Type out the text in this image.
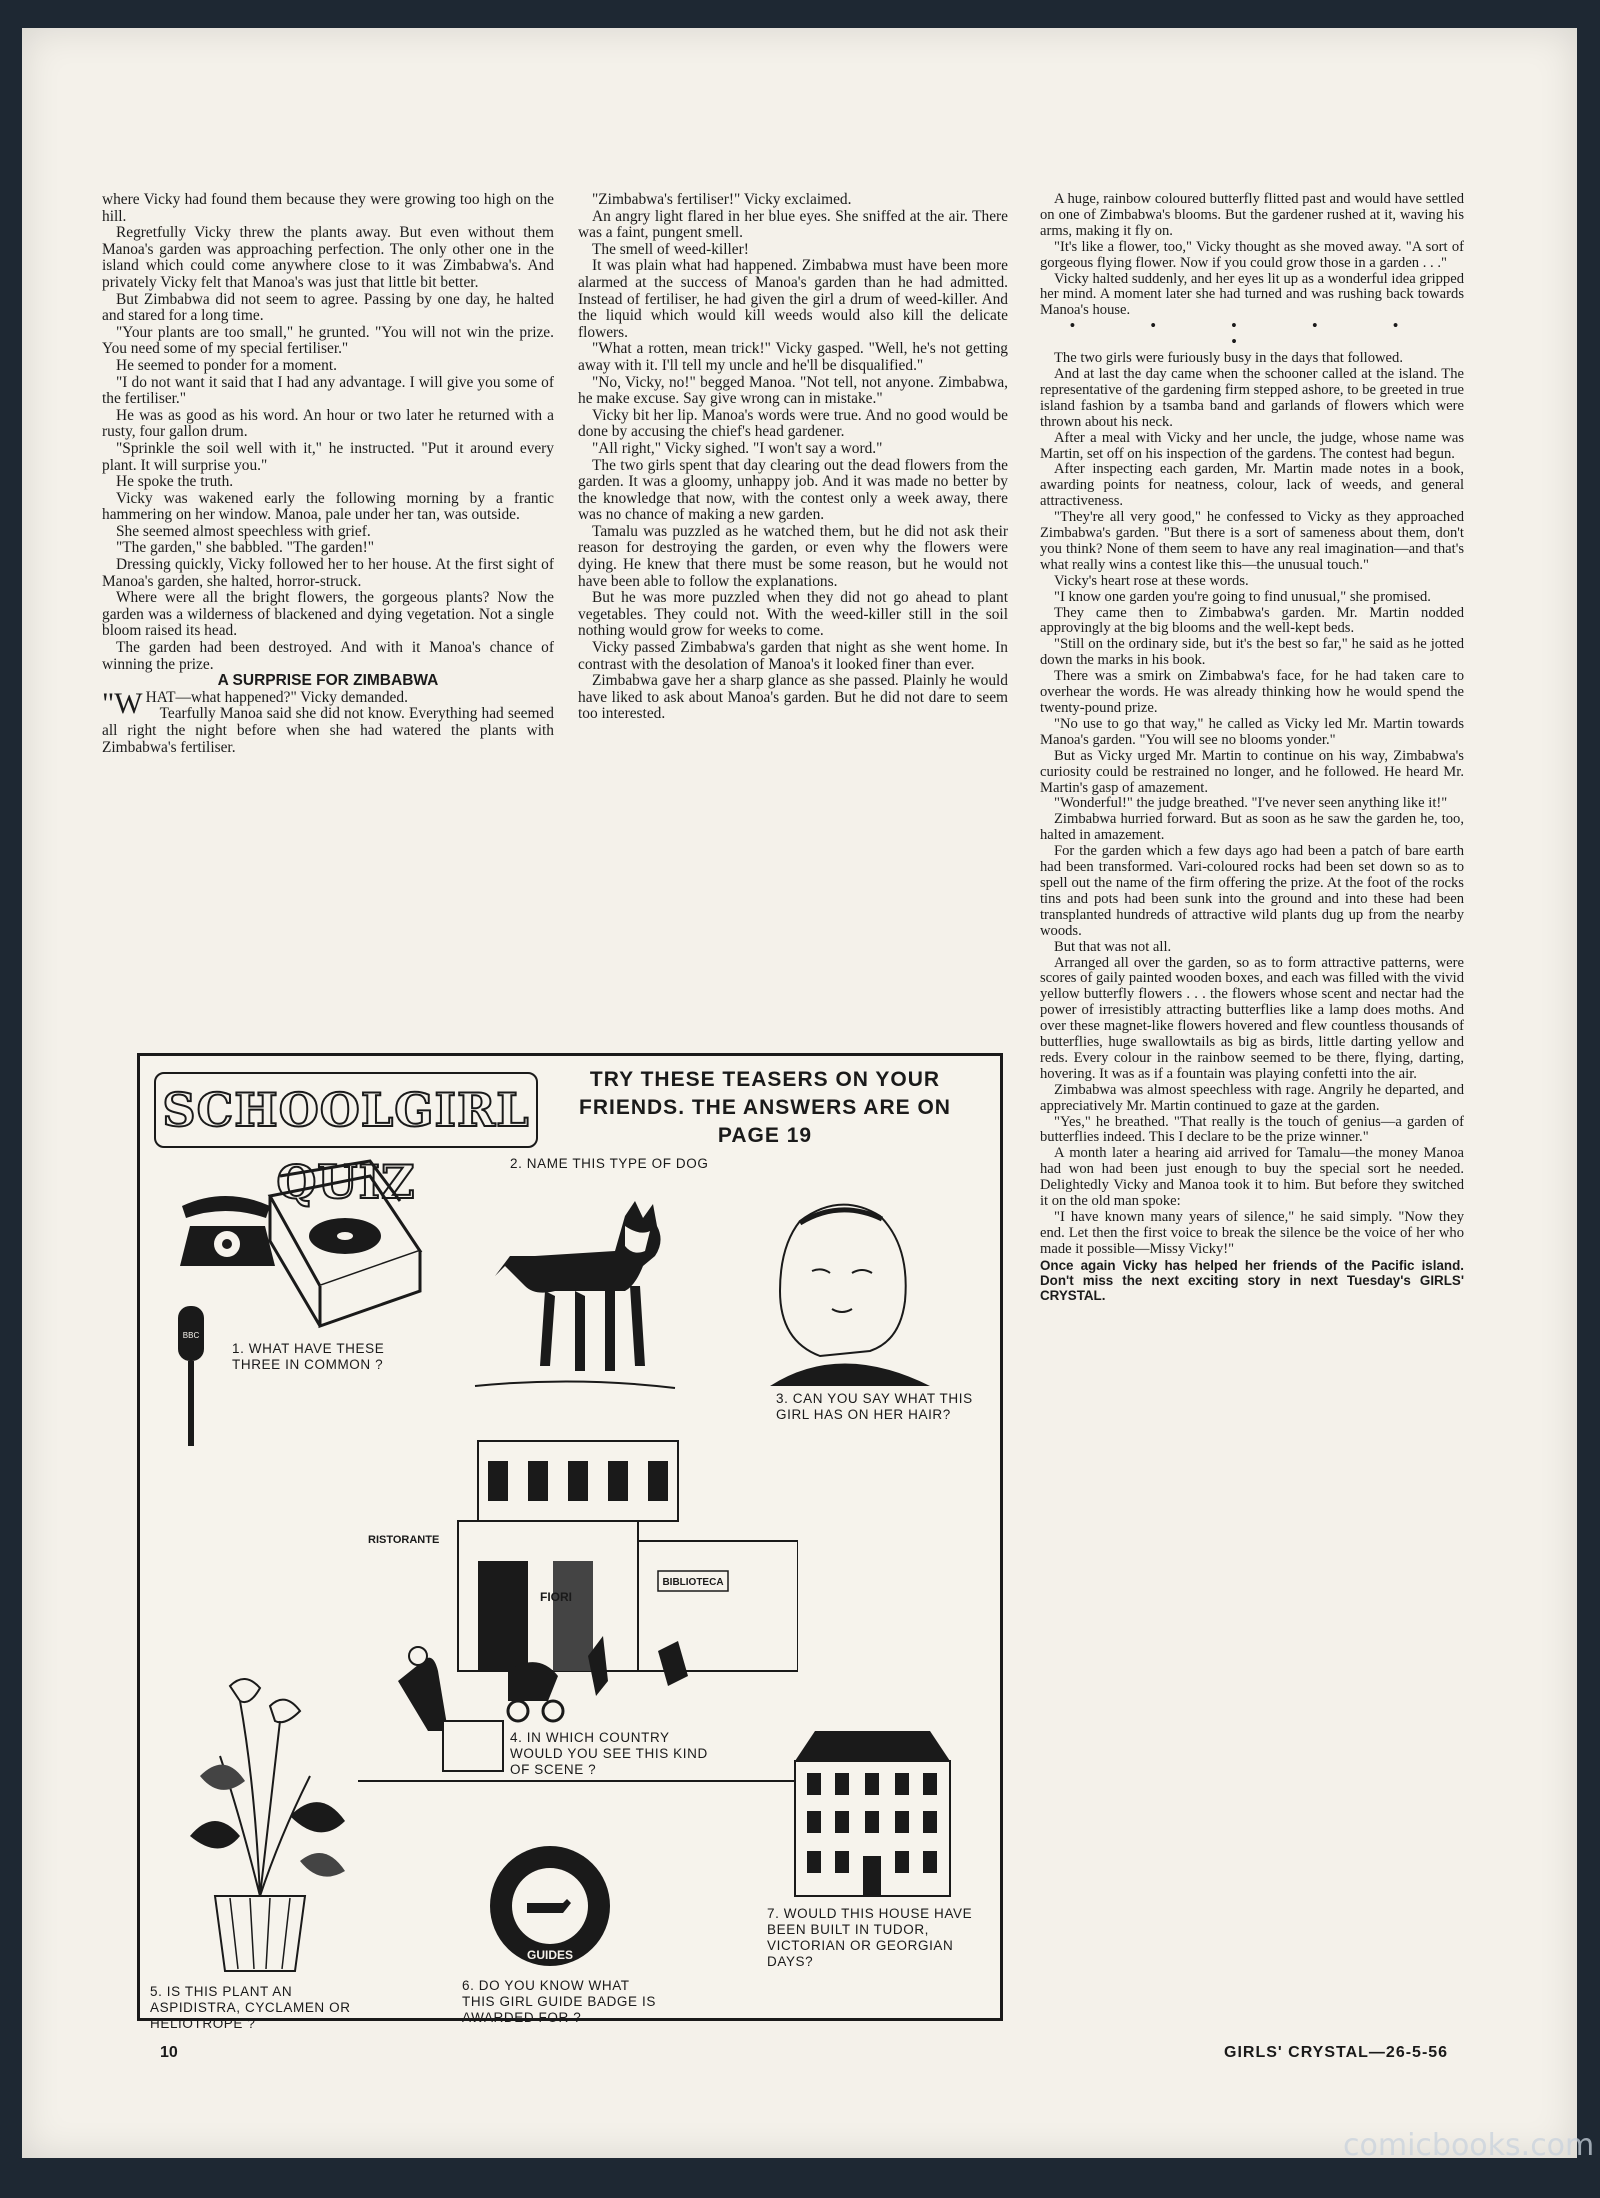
where Vicky had found them because they were growing too high on the hill.

Regretfully Vicky threw the plants away. But even without them Manoa's garden was approaching perfection. The only other one in the island which could come anywhere close to it was Zimbabwa's. And privately Vicky felt that Manoa's was just that little bit better.

But Zimbabwa did not seem to agree. Passing by one day, he halted and stared for a long time.

"Your plants are too small," he grunted. "You will not win the prize. You need some of my special fertiliser."

He seemed to ponder for a moment.

"I do not want it said that I had any advantage. I will give you some of the fertiliser."

He was as good as his word. An hour or two later he returned with a rusty, four gallon drum.

"Sprinkle the soil well with it," he instructed. "Put it around every plant. It will surprise you."

He spoke the truth.

Vicky was wakened early the following morning by a frantic hammering on her window. Manoa, pale under her tan, was outside.

She seemed almost speechless with grief.

"The garden," she babbled. "The garden!"

Dressing quickly, Vicky followed her to her house. At the first sight of Manoa's garden, she halted, horror-struck.

Where were all the bright flowers, the gorgeous plants? Now the garden was a wilderness of blackened and dying vegetation. Not a single bloom raised its head.

The garden had been destroyed. And with it Manoa's chance of winning the prize.

A SURPRISE FOR ZIMBABWA

"WHAT—what happened?" Vicky demanded.

Tearfully Manoa said she did not know. Everything had seemed all right the night before when she had watered the plants with Zimbabwa's fertiliser.

"Zimbabwa's fertiliser!" Vicky exclaimed.

An angry light flared in her blue eyes. She sniffed at the air. There was a faint, pungent smell.

The smell of weed-killer!

It was plain what had happened. Zimbabwa must have been more alarmed at the success of Manoa's garden than he had admitted. Instead of fertiliser, he had given the girl a drum of weed-killer. And the liquid which would kill weeds would also kill the delicate flowers.

"What a rotten, mean trick!" Vicky gasped. "Well, he's not getting away with it. I'll tell my uncle and he'll be disqualified."

"No, Vicky, no!" begged Manoa. "Not tell, not anyone. Zimbabwa, he make excuse. Say give wrong can in mistake."

Vicky bit her lip. Manoa's words were true. And no good would be done by accusing the chief's head gardener.

"All right," Vicky sighed. "I won't say a word."

The two girls spent that day clearing out the dead flowers from the garden. It was a gloomy, unhappy job. And it was made no better by the knowledge that now, with the contest only a week away, there was no chance of making a new garden.

Tamalu was puzzled as he watched them, but he did not ask their reason for destroying the garden, or even why the flowers were dying. He knew that there must be some reason, but he would not have been able to follow the explanations.

But he was more puzzled when they did not go ahead to plant vegetables. They could not. With the weed-killer still in the soil nothing would grow for weeks to come.

Vicky passed Zimbabwa's garden that night as she went home. In contrast with the desolation of Manoa's it looked finer than ever.

Zimbabwa gave her a sharp glance as she passed. Plainly he would have liked to ask about Manoa's garden. But he did not dare to seem too interested.

A huge, rainbow coloured butterfly flitted past and would have settled on one of Zimbabwa's blooms. But the gardener rushed at it, waving his arms, making it fly on.

"It's like a flower, too," Vicky thought as she moved away. "A sort of gorgeous flying flower. Now if you could grow those in a garden . . ."

Vicky halted suddenly, and her eyes lit up as a wonderful idea gripped her mind. A moment later she had turned and was rushing back towards Manoa's house.

• • • • • •

The two girls were furiously busy in the days that followed.

And at last the day came when the schooner called at the island. The representative of the gardening firm stepped ashore, to be greeted in true island fashion by a tsamba band and garlands of flowers which were thrown about his neck.

After a meal with Vicky and her uncle, the judge, whose name was Martin, set off on his inspection of the gardens. The contest had begun.

After inspecting each garden, Mr. Martin made notes in a book, awarding points for neatness, colour, lack of weeds, and general attractiveness.

"They're all very good," he confessed to Vicky as they approached Zimbabwa's garden. "But there is a sort of sameness about them, don't you think? None of them seem to have any real imagination—and that's what really wins a contest like this—the unusual touch."

Vicky's heart rose at these words.

"I know one garden you're going to find unusual," she promised.

They came then to Zimbabwa's garden. Mr. Martin nodded approvingly at the big blooms and the well-kept beds.

"Still on the ordinary side, but it's the best so far," he said as he jotted down the marks in his book.

There was a smirk on Zimbabwa's face, for he had taken care to overhear the words. He was already thinking how he would spend the twenty-pound prize.

"No use to go that way," he called as Vicky led Mr. Martin towards Manoa's garden. "You will see no blooms yonder."

But as Vicky urged Mr. Martin to continue on his way, Zimbabwa's curiosity could be restrained no longer, and he followed. He heard Mr. Martin's gasp of amazement.

"Wonderful!" the judge breathed. "I've never seen anything like it!"

Zimbabwa hurried forward. But as soon as he saw the garden he, too, halted in amazement.

For the garden which a few days ago had been a patch of bare earth had been transformed. Vari-coloured rocks had been set down so as to spell out the name of the firm offering the prize. At the foot of the rocks tins and pots had been sunk into the ground and into these had been transplanted hundreds of attractive wild plants dug up from the nearby woods.

But that was not all.

Arranged all over the garden, so as to form attractive patterns, were scores of gaily painted wooden boxes, and each was filled with the vivid yellow butterfly flowers . . . the flowers whose scent and nectar had the power of irresistibly attracting butterflies like a lamp does moths. And over these magnet-like flowers hovered and flew countless thousands of butterflies, huge swallowtails as big as birds, little darting yellow and reds. Every colour in the rainbow seemed to be there, flying, darting, hovering. It was as if a fountain was playing confetti into the air.

Zimbabwa was almost speechless with rage. Angrily he departed, and appreciatively Mr. Martin continued to gaze at the garden.

"Yes," he breathed. "That really is the touch of genius—a garden of butterflies indeed. This I declare to be the prize winner."

A month later a hearing aid arrived for Tamalu—the money Manoa had won had been just enough to buy the special sort he needed. Delightedly Vicky and Manoa took it to him. But before they switched it on the old man spoke:

"I have known many years of silence," he said simply. "Now they end. Let then the first voice to break the silence be the voice of her who made it possible—Missy Vicky!"

Once again Vicky has helped her friends of the Pacific island. Don't miss the next exciting story in next Tuesday's GIRLS' CRYSTAL.

SCHOOLGIRL QUIZ
TRY THESE TEASERS ON YOUR FRIENDS. THE ANSWERS ARE ON PAGE 19
BBC
1. WHAT HAVE THESE THREE IN COMMON ?
2. NAME THIS TYPE OF DOG
3. CAN YOU SAY WHAT THIS GIRL HAS ON HER HAIR?
BIBLIOTECA
RISTORANTE
FIORI
4. IN WHICH COUNTRY WOULD YOU SEE THIS KIND OF SCENE ?
5. IS THIS PLANT AN ASPIDISTRA, CYCLAMEN OR HELIOTROPE ?
GIRL
GUIDES
6. DO YOU KNOW WHAT THIS GIRL GUIDE BADGE IS AWARDED FOR ?
7. WOULD THIS HOUSE HAVE BEEN BUILT IN TUDOR, VICTORIAN OR GEORGIAN DAYS?
10	GIRLS' CRYSTAL—26-5-56
comicbooks.com
